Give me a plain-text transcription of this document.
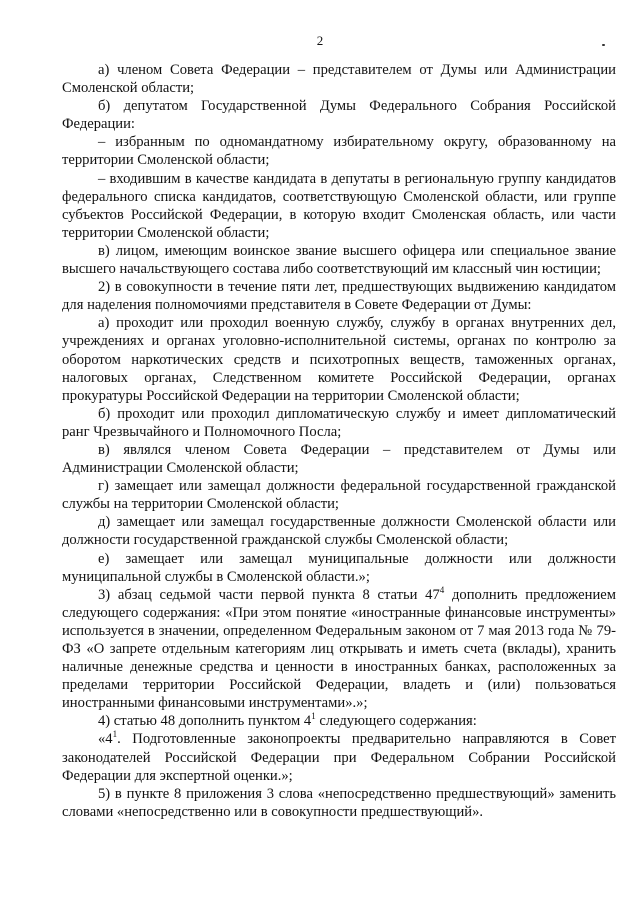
2

а) членом Совета Федерации – представителем от Думы или Администрации Смоленской области;

б) депутатом Государственной Думы Федерального Собрания Российской Федерации:

– избранным по одномандатному избирательному округу, образованному на территории Смоленской области;

– входившим в качестве кандидата в депутаты в региональную группу кандидатов федерального списка кандидатов, соответствующую Смоленской области, или группе субъектов Российской Федерации, в которую входит Смоленская область, или части территории Смоленской области;

в) лицом, имеющим воинское звание высшего офицера или специальное звание высшего начальствующего состава либо соответствующий им классный чин юстиции;

2) в совокупности в течение пяти лет, предшествующих выдвижению кандидатом для наделения полномочиями представителя в Совете Федерации от Думы:

а) проходит или проходил военную службу, службу в органах внутренних дел, учреждениях и органах уголовно-исполнительной системы, органах по контролю за оборотом наркотических средств и психотропных веществ, таможенных органах, налоговых органах, Следственном комитете Российской Федерации, органах прокуратуры Российской Федерации на территории Смоленской области;

б) проходит или проходил дипломатическую службу и имеет дипломатический ранг Чрезвычайного и Полномочного Посла;

в) являлся членом Совета Федерации – представителем от Думы или Администрации Смоленской области;

г) замещает или замещал должности федеральной государственной гражданской службы на территории Смоленской области;

д) замещает или замещал государственные должности Смоленской области или должности государственной гражданской службы Смоленской области;

е) замещает или замещал муниципальные должности или должности муниципальной службы в Смоленской области.»;

3) абзац седьмой части первой пункта 8 статьи $47^4$ дополнить предложением следующего содержания: «При этом понятие «иностранные финансовые инструменты» используется в значении, определенном Федеральным законом от 7 мая 2013 года № 79-ФЗ «О запрете отдельным категориям лиц открывать и иметь счета (вклады), хранить наличные денежные средства и ценности в иностранных банках, расположенных за пределами территории Российской Федерации, владеть и (или) пользоваться иностранными финансовыми инструментами».»;

4) статью 48 дополнить пунктом $4^1$ следующего содержания:

«$4^1$. Подготовленные законопроекты предварительно направляются в Совет законодателей Российской Федерации при Федеральном Собрании Российской Федерации для экспертной оценки.»;

5) в пункте 8 приложения 3 слова «непосредственно предшествующий» заменить словами «непосредственно или в совокупности предшествующий».
